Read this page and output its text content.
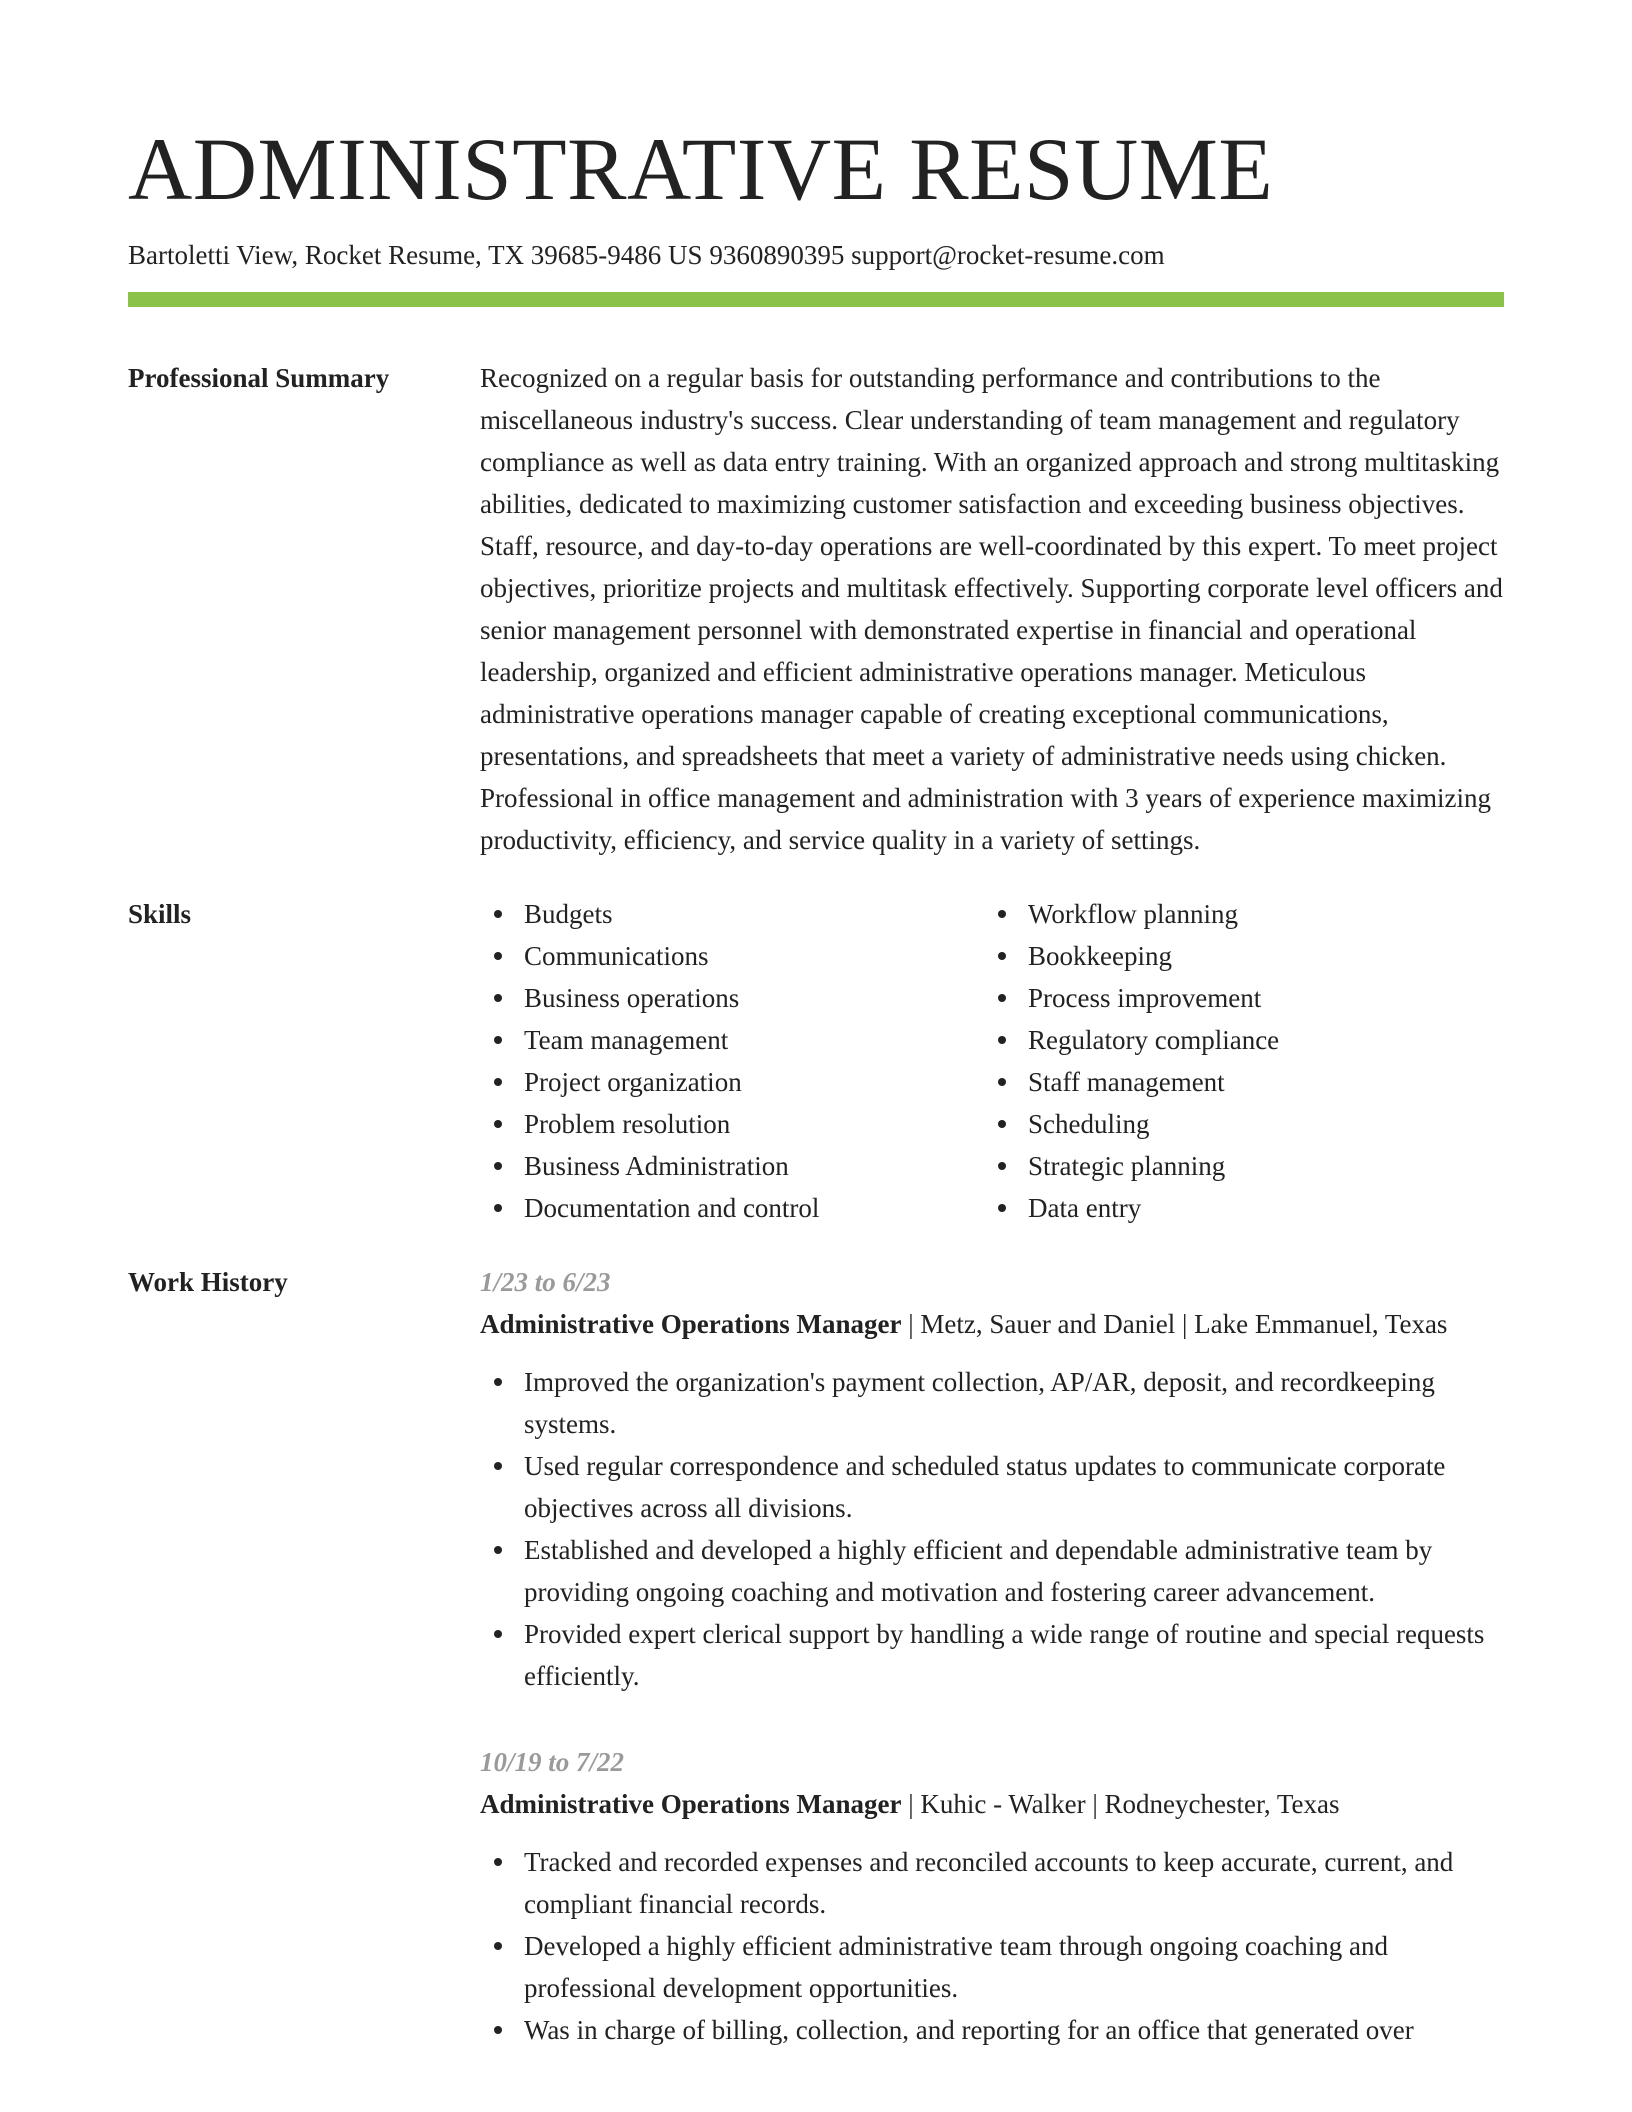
ADMINISTRATIVE RESUME
Bartoletti View, Rocket Resume, TX 39685-9486 US 9360890395 support@rocket-resume.com
Professional Summary	Recognized on a regular basis for outstanding performance and contributions to the miscellaneous industry's success. Clear understanding of team management and regulatory compliance as well as data entry training. With an organized approach and strong multitasking abilities, dedicated to maximizing customer satisfaction and exceeding business objectives. Staff, resource, and day-to-day operations are well-coordinated by this expert. To meet project objectives, prioritize projects and multitask effectively. Supporting corporate level officers and senior management personnel with demonstrated expertise in financial and operational leadership, organized and efficient administrative operations manager. Meticulous administrative operations manager capable of creating exceptional communications, presentations, and spreadsheets that meet a variety of administrative needs using chicken. Professional in office management and administration with 3 years of experience maximizing productivity, efficiency, and service quality in a variety of settings.

Skills	Budgets
Communications
Business operations
Team management
Project organization
Problem resolution
Business Administration
Documentation and control
Workflow planning
Bookkeeping
Process improvement
Regulatory compliance
Staff management
Scheduling
Strategic planning
Data entry
Work History	1/23 to 6/23
Administrative Operations Manager | Metz, Sauer and Daniel | Lake Emmanuel, Texas
Improved the organization's payment collection, AP/AR, deposit, and recordkeeping systems.
Used regular correspondence and scheduled status updates to communicate corporate objectives across all divisions.
Established and developed a highly efficient and dependable administrative team by providing ongoing coaching and motivation and fostering career advancement.
Provided expert clerical support by handling a wide range of routine and special requests efficiently.
10/19 to 7/22
Administrative Operations Manager | Kuhic - Walker | Rodneychester, Texas
Tracked and recorded expenses and reconciled accounts to keep accurate, current, and compliant financial records.
Developed a highly efficient administrative team through ongoing coaching and professional development opportunities.
Was in charge of billing, collection, and reporting for an office that generated over
